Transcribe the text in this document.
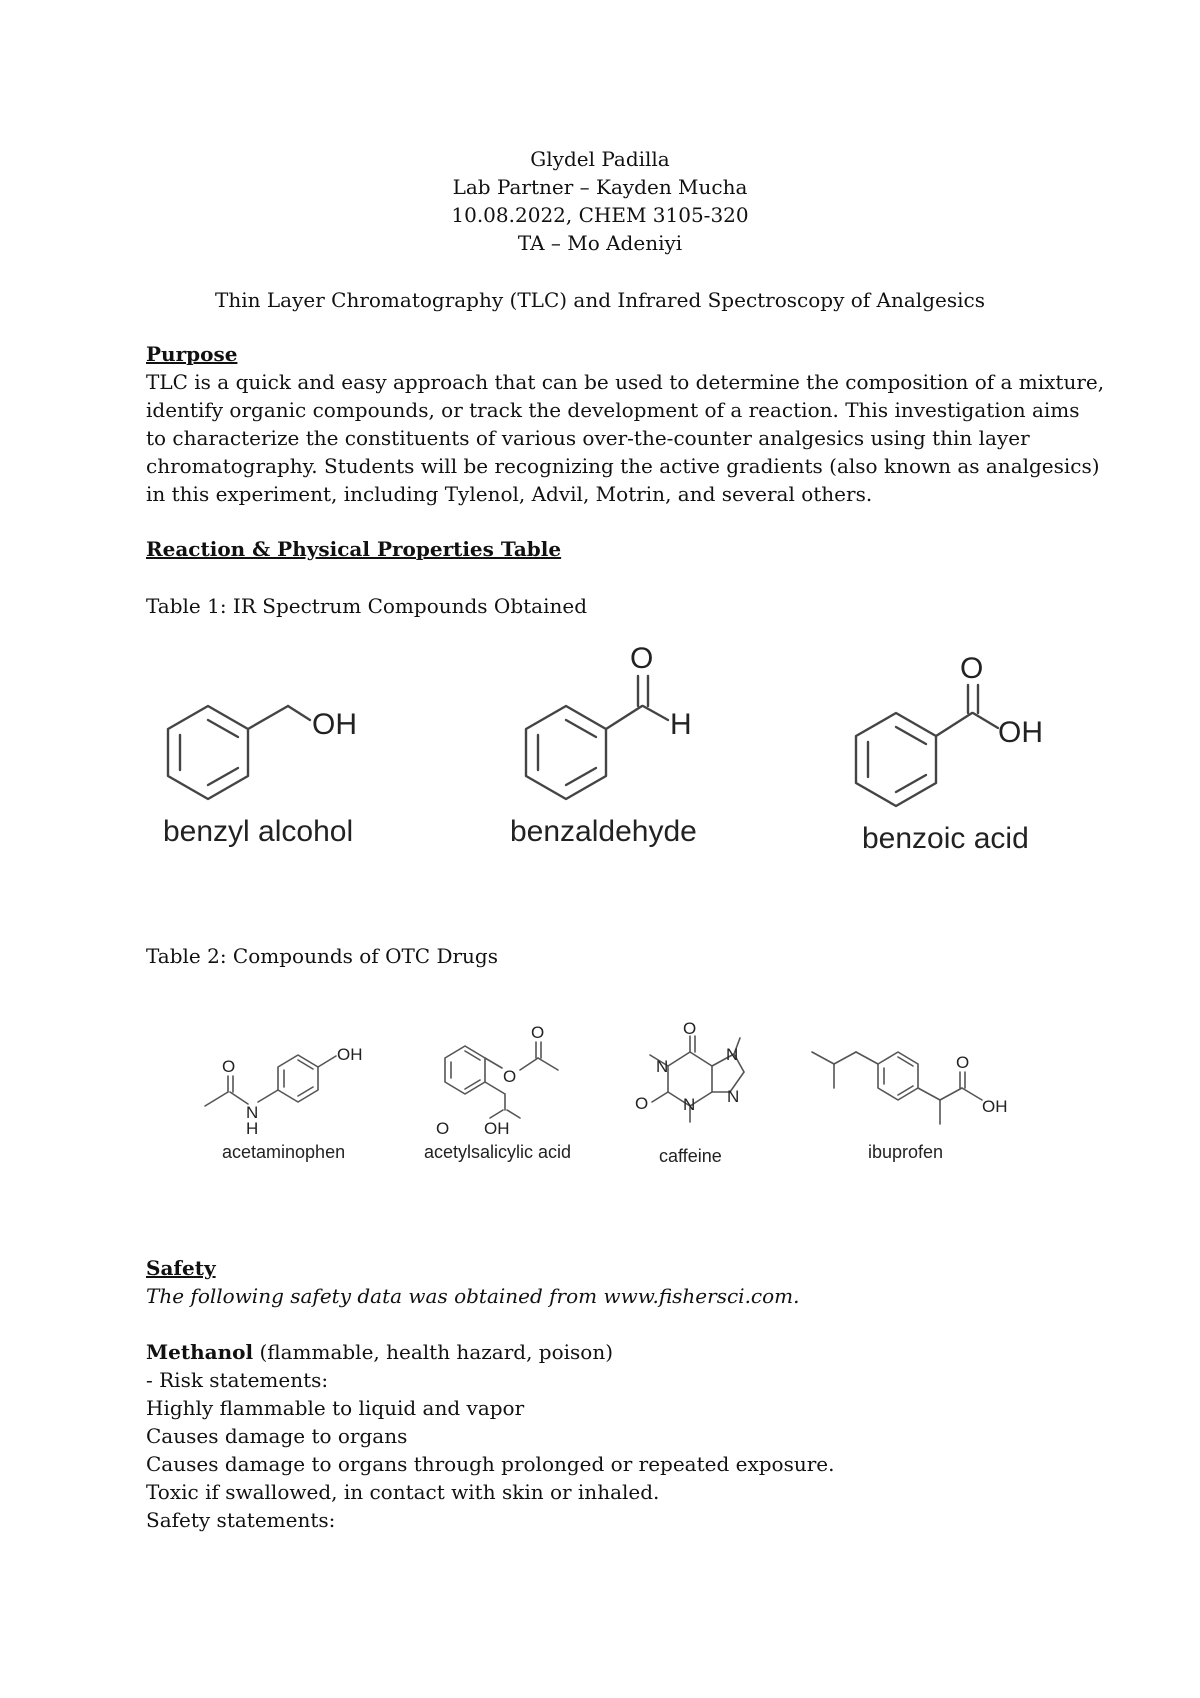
Glydel Padilla
Lab Partner – Kayden Mucha
10.08.2022, CHEM 3105-320
TA – Mo Adeniyi
Thin Layer Chromatography (TLC) and Infrared Spectroscopy of Analgesics
Purpose
TLC is a quick and easy approach that can be used to determine the composition of a mixture,
identify organic compounds, or track the development of a reaction. This investigation aims
to characterize the constituents of various over-the-counter analgesics using thin layer
chromatography. Students will be recognizing the active gradients (also known as analgesics)
in this experiment, including Tylenol, Advil, Motrin, and several others.
Reaction & Physical Properties Table
Table 1: IR Spectrum Compounds Obtained
OH
benzyl alcohol
O
H
benzaldehyde
O
OH
benzoic acid
Table 2: Compounds of OTC Drugs
O
N
H
OH
acetaminophen
O
O
O OH
acetylsalicylic acid
O
N
O N
N
N
caffeine
O
OH
ibuprofen
Safety
The following safety data was obtained from www.fishersci.com.
Methanol (flammable, health hazard, poison)
- Risk statements:
Highly flammable to liquid and vapor
Causes damage to organs
Causes damage to organs through prolonged or repeated exposure.
Toxic if swallowed, in contact with skin or inhaled.
Safety statements:
